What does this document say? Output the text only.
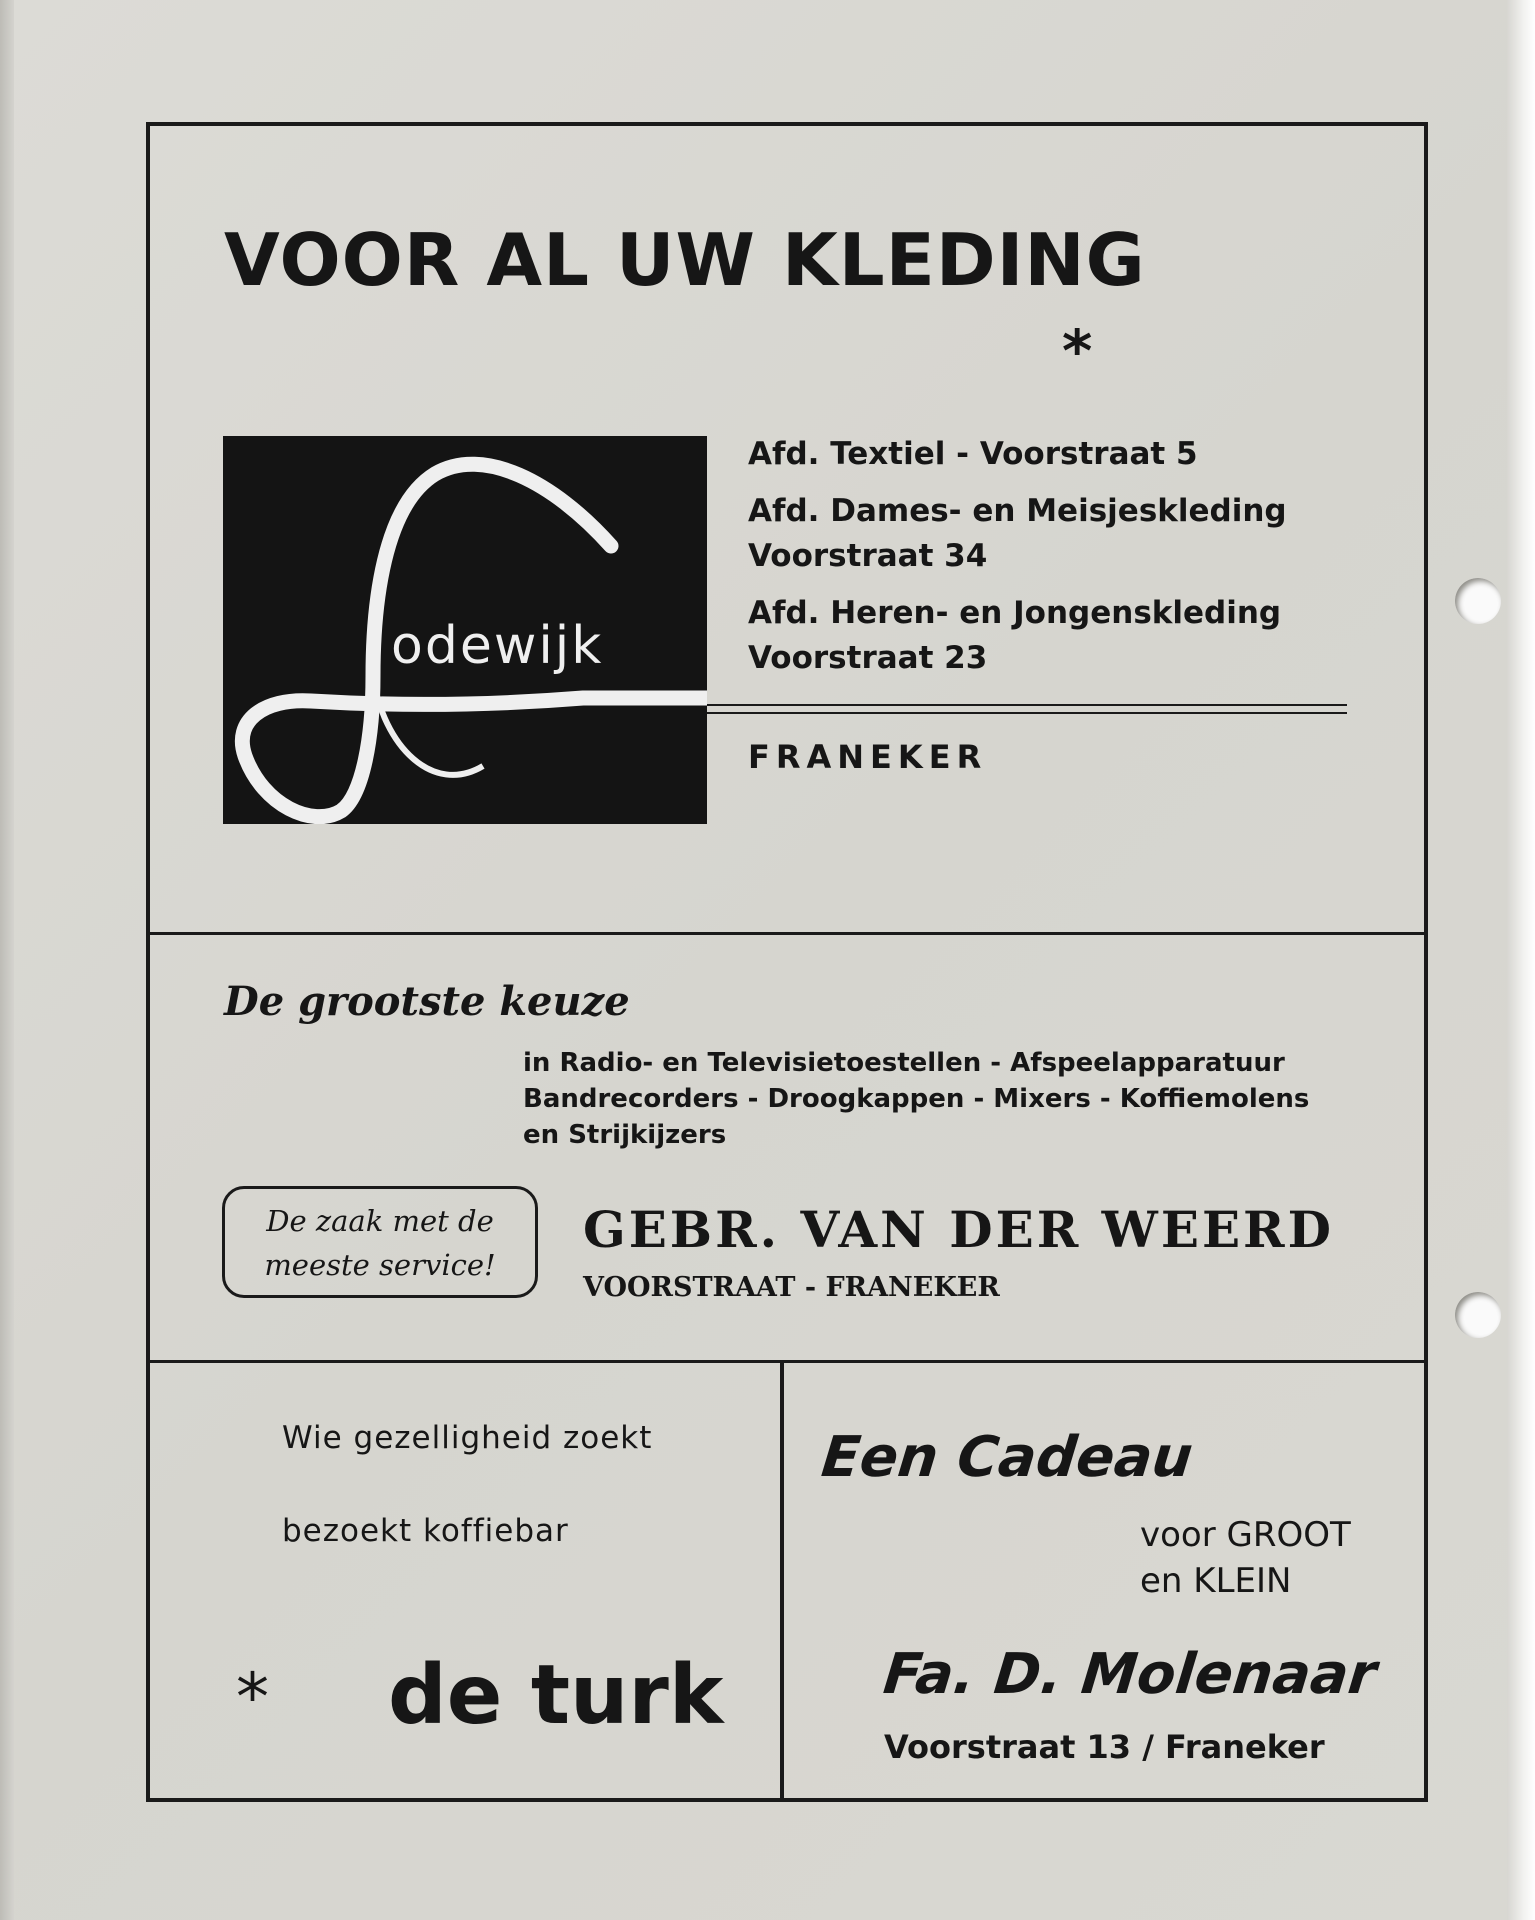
VOOR AL UW KLEDING
*
odewijk
Afd. Textiel - Voorstraat 5
Afd. Dames- en Meisjeskleding
Voorstraat 34
Afd. Heren- en Jongenskleding
Voorstraat 23
FRANEKER
De grootste keuze
in Radio- en Televisietoestellen - Afspeelapparatuur
Bandrecorders - Droogkappen - Mixers - Koffiemolens
en Strijkijzers
De zaak met de
meeste service!
GEBR. VAN DER WEERD
VOORSTRAAT - FRANEKER
Wie gezelligheid zoekt
bezoekt koffiebar
* de turk
Een Cadeau
voor GROOT
en KLEIN
Fa. D. Molenaar
Voorstraat 13 / Franeker
